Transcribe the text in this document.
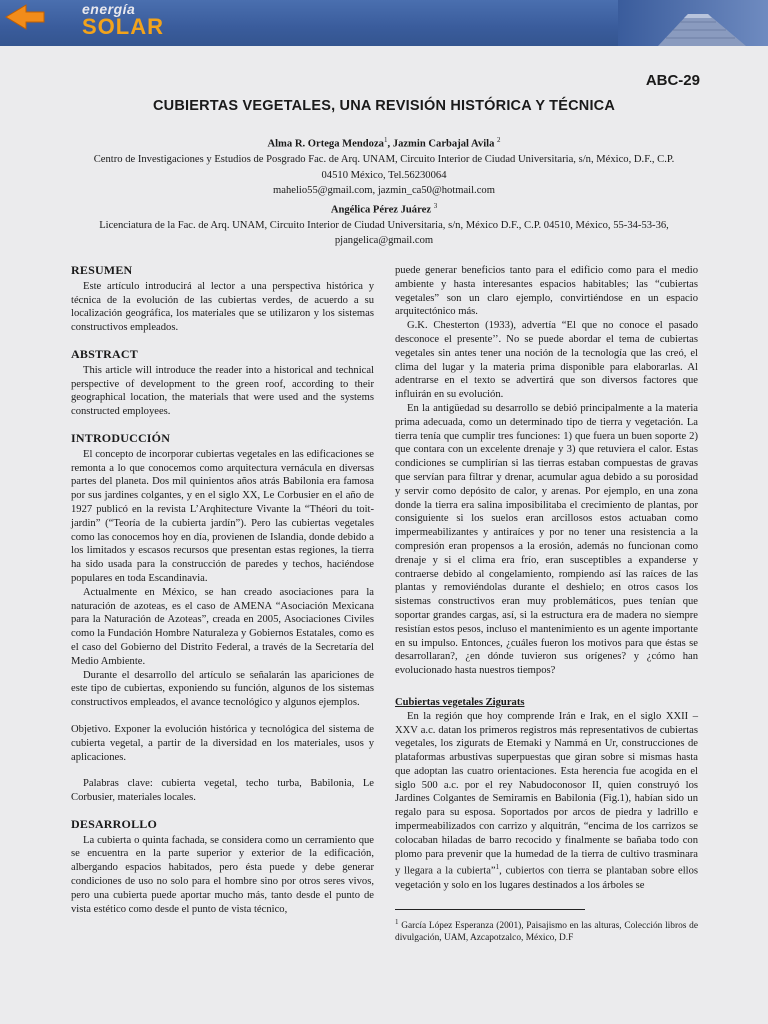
energía
SOLAR
ABC-29
CUBIERTAS VEGETALES, UNA REVISIÓN HISTÓRICA Y TÉCNICA
Alma R. Ortega Mendoza$^1$, Jazmin Carbajal Avila $^2$
Centro de Investigaciones y Estudios de Posgrado Fac. de Arq. UNAM, Circuito Interior de Ciudad Universitaria, s/n, México, D.F., C.P. 04510 México, Tel.56230064
mahelio55@gmail.com, jazmin_ca50@hotmail.com
Angélica Pérez Juárez $^3$
Licenciatura de la Fac. de Arq. UNAM, Circuito Interior de Ciudad Universitaria, s/n, México D.F., C.P. 04510, México, 55-34-53-36, pjangelica@gmail.com
RESUMEN

Este artículo introducirá al lector a una perspectiva histórica y técnica de la evolución de las cubiertas verdes, de acuerdo a su localización geográfica, los materiales que se utilizaron y los sistemas constructivos empleados.

ABSTRACT

This article will introduce the reader into a historical and technical perspective of development to the green roof, according to their geographical location, the materials that were used and the systems constructed employees.

INTRODUCCIÓN

El concepto de incorporar cubiertas vegetales en las edificaciones se remonta a lo que conocemos como arquitectura vernácula en diversas partes del planeta. Dos mil quinientos años atrás Babilonia era famosa por sus jardines colgantes, y en el siglo XX, Le Corbusier en el año de 1927 publicó en la revista L’Arqhitecture Vivante la “Théori du toit-jardin” (“Teoría de la cubierta jardín”). Pero las cubiertas vegetales como las conocemos hoy en día, provienen de Islandia, donde debido a los limitados y escasos recursos que presentan estas regiones, la tierra ha sido usada para la construcción de paredes y techos, haciéndose populares en toda Escandinavia.

Actualmente en México, se han creado asociaciones para la naturación de azoteas, es el caso de AMENA “Asociación Mexicana para la Naturación de Azoteas”, creada en 2005, Asociaciones Civiles como la Fundación Hombre Naturaleza y Gobiernos Estatales, como es el caso del Gobierno del Distrito Federal, a través de la Secretaría del Medio Ambiente.

Durante el desarrollo del artículo se señalarán las apariciones de este tipo de cubiertas, exponiendo su función, algunos de los sistemas constructivos empleados, el avance tecnológico y algunos ejemplos.

Objetivo. Exponer la evolución histórica y tecnológica del sistema de cubierta vegetal, a partir de la diversidad en los materiales, usos y aplicaciones.

Palabras clave: cubierta vegetal, techo turba, Babilonia, Le Corbusier, materiales locales.

DESARROLLO

La cubierta o quinta fachada, se considera como un cerramiento que se encuentra en la parte superior y exterior de la edificación, albergando espacios habitados, pero ésta puede y debe generar condiciones de uso no solo para el hombre sino por otros seres vivos, pero una cubierta puede aportar mucho más, tanto desde el punto de vista estético como desde el punto de vista técnico,

puede generar beneficios tanto para el edificio como para el medio ambiente y hasta interesantes espacios habitables; las “cubiertas vegetales” son un claro ejemplo, convirtiéndose en un espacio arquitectónico más.

G.K. Chesterton (1933), advertía “El que no conoce el pasado desconoce el presente’’. No se puede abordar el tema de cubiertas vegetales sin antes tener una noción de la tecnología que las creó, el clima del lugar y la materia prima disponible para elaborarlas. Al adentrarse en el texto se advertirá que son diversos factores que influirán en su evolución.

En la antigüedad su desarrollo se debió principalmente a la materia prima adecuada, como un determinado tipo de tierra y vegetación. La tierra tenía que cumplir tres funciones: 1) que fuera un buen soporte 2) que contara con un excelente drenaje y 3) que retuviera el calor. Estas condiciones se cumplirían si las tierras estaban compuestas de gravas que servían para filtrar y drenar, acumular agua debido a su porosidad y servir como depósito de calor, y arenas. Por ejemplo, en una zona donde la tierra era salina imposibilitaba el crecimiento de plantas, por consiguiente si los suelos eran arcillosos estos actuaban como impermeabilizantes y antiraíces y por no tener una resistencia a la compresión eran propensos a la erosión, además no funcionan como drenaje y si el clima era frío, eran susceptibles a expanderse y contraerse debido al congelamiento, rompiendo así las raíces de las plantas y removiéndolas durante el deshielo; en otros casos los sistemas constructivos eran muy problemáticos, pues tenían que soportar grandes cargas, así, si la estructura era de madera no siempre resistían estos pesos, incluso el mantenimiento es un agente importante en su impulso. Entonces, ¿cuáles fueron los motivos para que éstas se desarrollaran?, ¿en dónde tuvieron sus orígenes? y ¿cómo han evolucionado hasta nuestros tiempos?

Cubiertas vegetales Zigurats

En la región que hoy comprende Irán e Irak, en el siglo XXII – XXV a.c. datan los primeros registros más representativos de cubiertas vegetales, los zigurats de Etemaki y Nammá en Ur, construcciones de plataformas arbustivas superpuestas que giran sobre si mismas hasta que adoptan las cuatro orientaciones. Esta herencia fue acogida en el siglo 500 a.c. por el rey Nabudoconosor II, quien construyó los Jardines Colgantes de Semiramis en Babilonia (Fig.1), habían sido un regalo para su esposa. Soportados por arcos de piedra y ladrillo e impermeabilizados con carrizo y alquitrán, “encima de los carrizos se colocaban hiladas de barro recocido y finalmente se bañaba todo con plomo para prevenir que la humedad de la tierra de cultivo trasminara y llegara a la cubierta”$^1$, cubiertos con tierra se plantaban sobre ellos vegetación y solo en los lugares destinados a los árboles se

$^1$ García López Esperanza (2001), Paisajismo en las alturas, Colección libros de divulgación, UAM, Azcapotzalco, México, D.F
